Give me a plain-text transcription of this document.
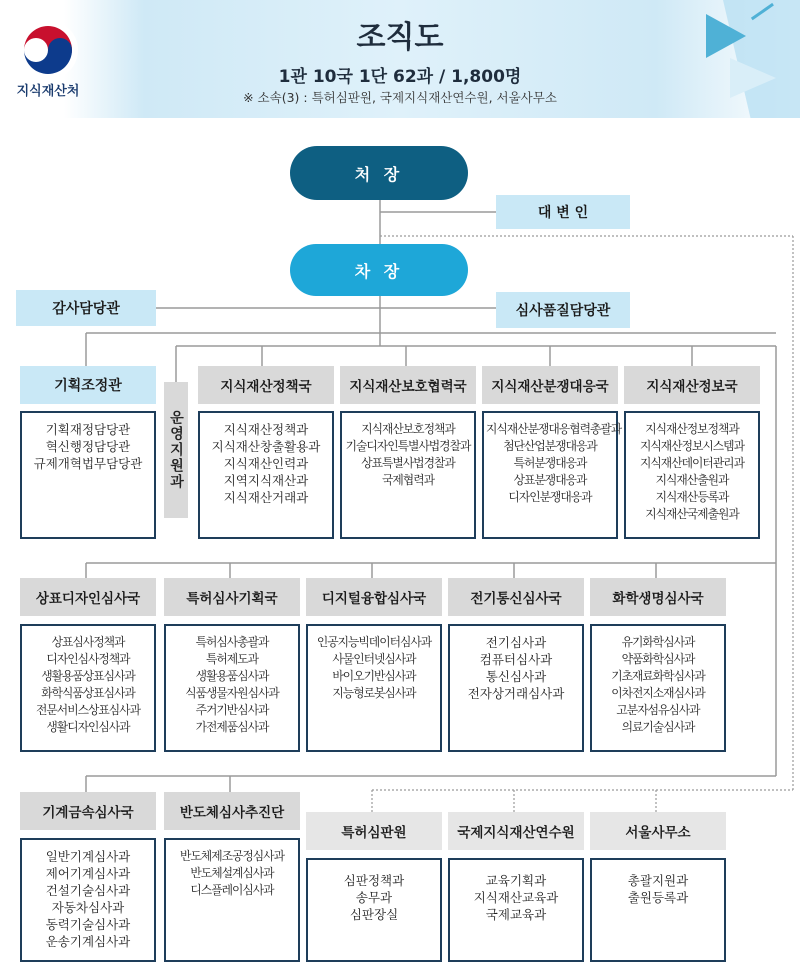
지식재산처
조직도
1관 10국 1단 62과 / 1,800명
※ 소속(3) : 특허심판원, 국제지식재산연수원, 서울사무소
처 장
대 변 인
차 장
감사담당관	심사품질담당관
운영지원과
기획조정관
기획재정담당관
혁신행정담당관
규제개혁법무담당관
지식재산정책국
지식재산정책과
지식재산창출활용과
지식재산인력과
지역지식재산과
지식재산거래과
지식재산보호협력국
지식재산보호정책과
기술디자인특별사법경찰과
상표특별사법경찰과
국제협력과
지식재산분쟁대응국
지식재산분쟁대응협력총괄과
첨단산업분쟁대응과
특허분쟁대응과
상표분쟁대응과
디자인분쟁대응과
지식재산정보국
지식재산정보정책과
지식재산정보시스템과
지식재산데이터관리과
지식재산출원과
지식재산등록과
지식재산국제출원과
상표디자인심사국
상표심사정책과
디자인심사정책과
생활용품상표심사과
화학식품상표심사과
전문서비스상표심사과
생활디자인심사과
특허심사기획국
특허심사총괄과
특허제도과
생활용품심사과
식품생물자원심사과
주거기반심사과
가전제품심사과
디지털융합심사국
인공지능빅데이터심사과
사물인터넷심사과
바이오기반심사과
지능형로봇심사과
전기통신심사국
전기심사과
컴퓨터심사과
통신심사과
전자상거래심사과
화학생명심사국
유기화학심사과
약품화학심사과
기초재료화학심사과
이차전지소재심사과
고분자섬유심사과
의료기술심사과
기계금속심사국
일반기계심사과
제어기계심사과
건설기술심사과
자동차심사과
동력기술심사과
운송기계심사과
반도체심사추진단
반도체제조공정심사과
반도체설계심사과
디스플레이심사과
특허심판원
심판정책과
송무과
심판장실
국제지식재산연수원
교육기획과
지식재산교육과
국제교육과
서울사무소
총괄지원과
출원등록과
